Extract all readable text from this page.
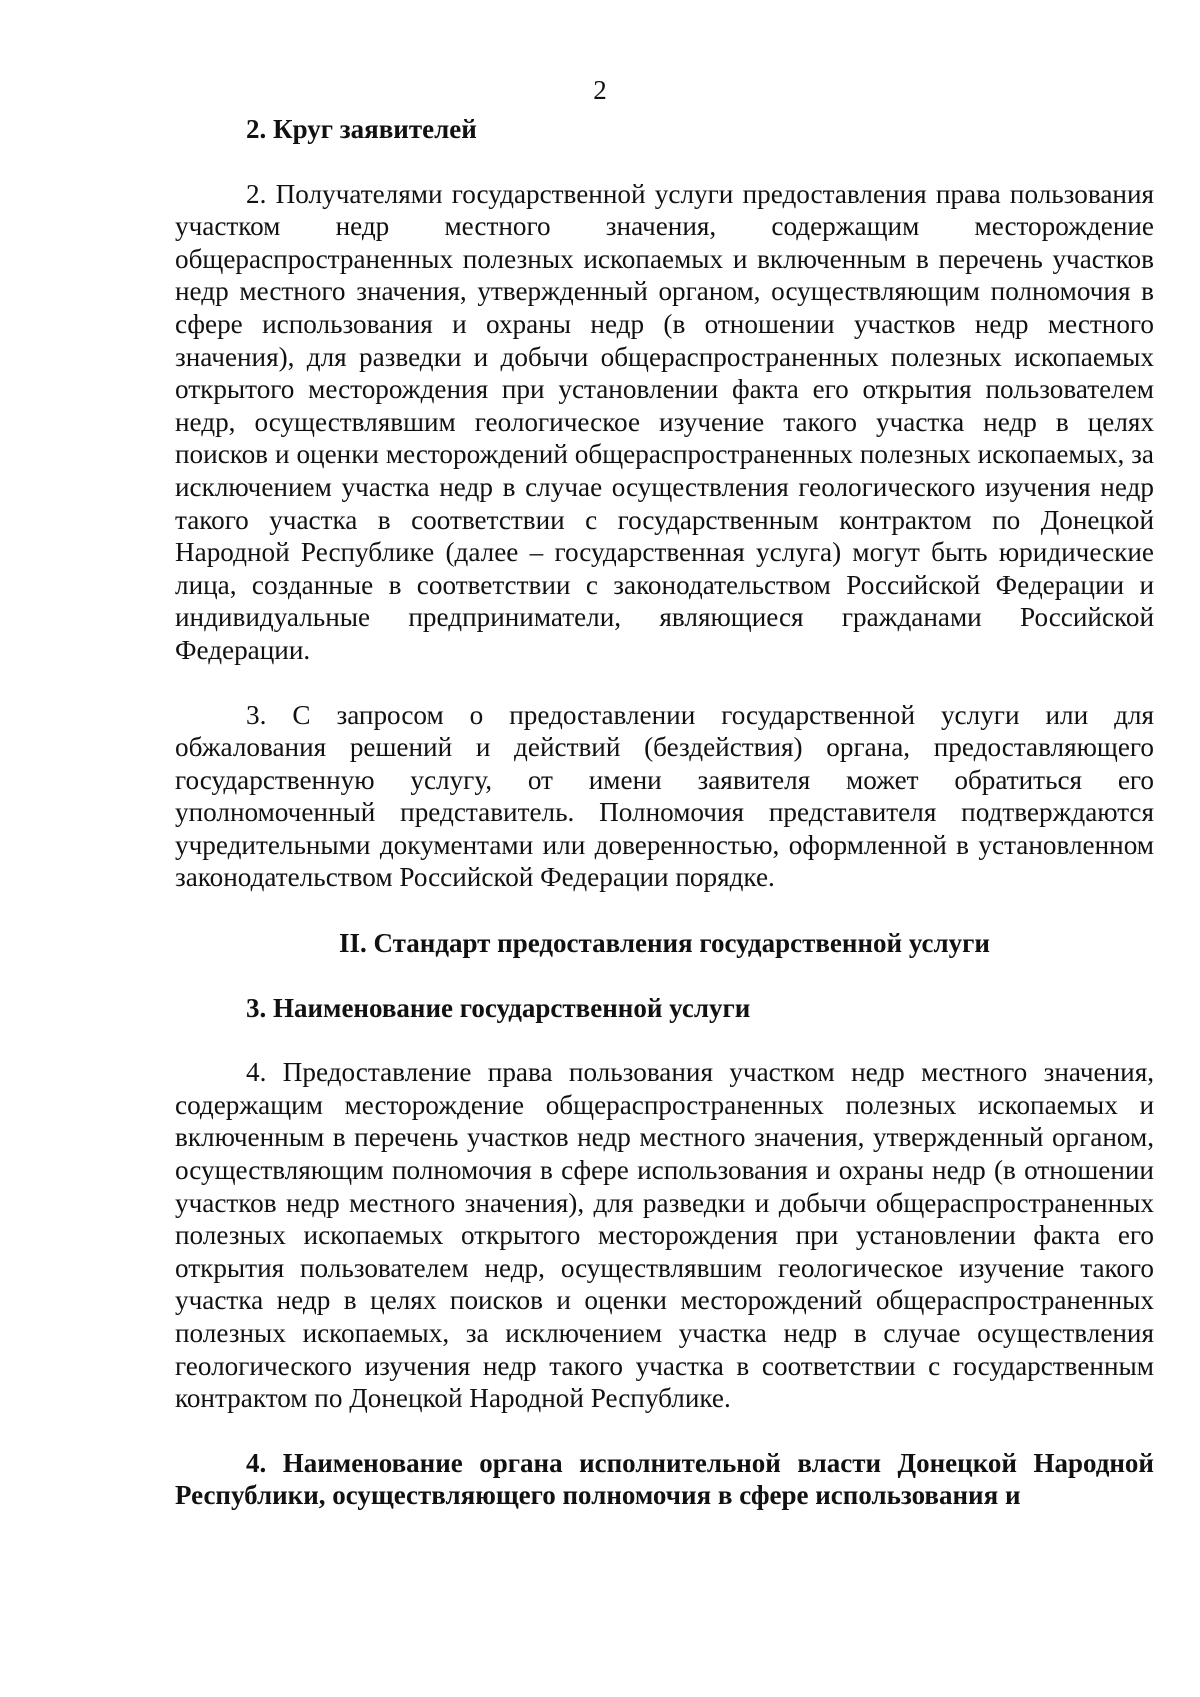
2

2. Круг заявителей

2. Получателями государственной услуги предоставления права пользования участком недр местного значения, содержащим месторождение общераспространенных полезных ископаемых и включенным в перечень участков недр местного значения, утвержденный органом, осуществляющим полномочия в сфере использования и охраны недр (в отношении участков недр местного значения), для разведки и добычи общераспространенных полезных ископаемых открытого месторождения при установлении факта его открытия пользователем недр, осуществлявшим геологическое изучение такого участка недр в целях поисков и оценки месторождений общераспространенных полезных ископаемых, за исключением участка недр в случае осуществления геологического изучения недр такого участка в соответствии с государственным контрактом по Донецкой Народной Республике (далее – государственная услуга) могут быть юридические лица, созданные в соответствии с законодательством Российской Федерации и индивидуальные предприниматели, являющиеся гражданами Российской Федерации.

3. С запросом о предоставлении государственной услуги или для обжалования решений и действий (бездействия) органа, предоставляющего государственную услугу, от имени заявителя может обратиться его уполномоченный представитель. Полномочия представителя подтверждаются учредительными документами или доверенностью, оформленной в установленном законодательством Российской Федерации порядке.

II. Стандарт предоставления государственной услуги

3. Наименование государственной услуги

4. Предоставление права пользования участком недр местного значения, содержащим месторождение общераспространенных полезных ископаемых и включенным в перечень участков недр местного значения, утвержденный органом, осуществляющим полномочия в сфере использования и охраны недр (в отношении участков недр местного значения), для разведки и добычи общераспространенных полезных ископаемых открытого месторождения при установлении факта его открытия пользователем недр, осуществлявшим геологическое изучение такого участка недр в целях поисков и оценки месторождений общераспространенных полезных ископаемых, за исключением участка недр в случае осуществления геологического изучения недр такого участка в соответствии с государственным контрактом по Донецкой Народной Республике.

4. Наименование органа исполнительной власти Донецкой Народной Республики, осуществляющего полномочия в сфере использования и
